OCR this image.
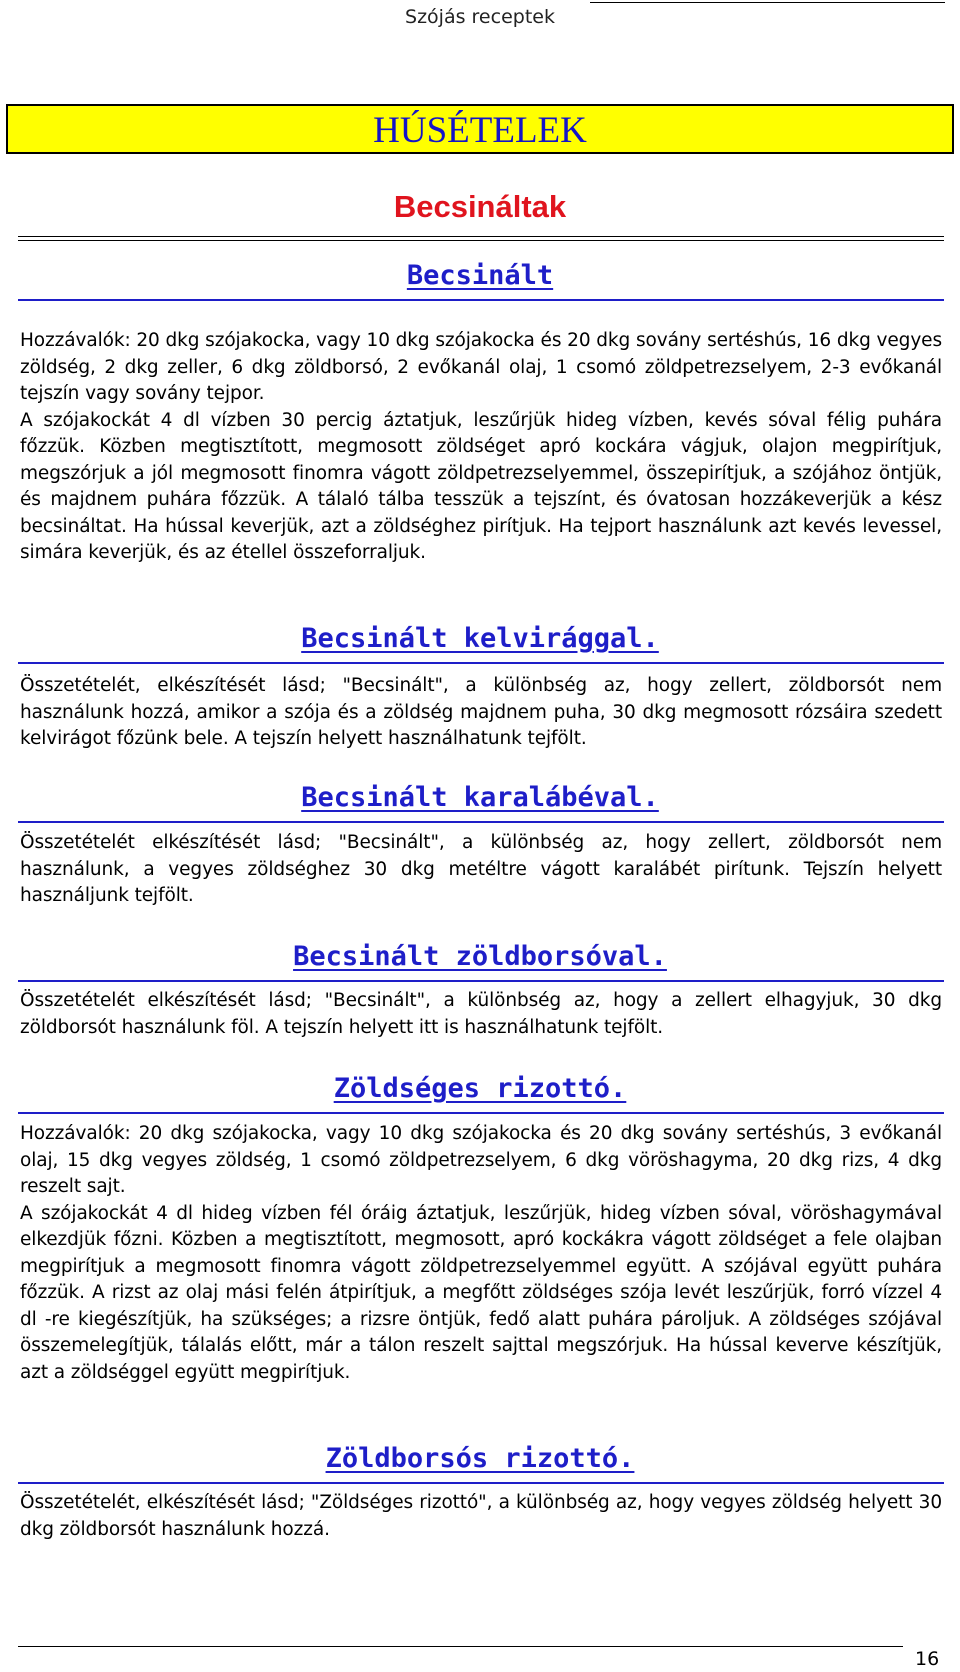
Szójás receptek
HÚSÉTELEK
Becsináltak
Becsinált

Hozzávalók: 20 dkg szójakocka, vagy 10 dkg szójakocka és 20 dkg sovány sertéshús, 16 dkg vegyes zöldség, 2 dkg zeller, 6 dkg zöldborsó, 2 evőkanál olaj, 1 csomó zöldpetrezselyem, 2-3 evőkanál tejszín vagy sovány tejpor.

A szójakockát 4 dl vízben 30 percig áztatjuk, leszűrjük hideg vízben, kevés sóval félig puhára főzzük. Közben megtisztított, megmosott zöldséget apró kockára vágjuk, olajon megpirítjuk, megszórjuk a jól megmosott finomra vágott zöldpetrezselyemmel, összepirítjuk, a szójához öntjük, és majdnem puhára főzzük. A tálaló tálba tesszük a tejszínt, és óvatosan hozzákeverjük a kész becsináltat. Ha hússal keverjük, azt a zöldséghez pirítjuk. Ha tejport használunk azt kevés levessel, simára keverjük, és az étellel összeforraljuk.

Becsinált kelvirággal.

Összetételét, elkészítését lásd; "Becsinált", a különbség az, hogy zellert, zöldborsót nem használunk hozzá, amikor a szója és a zöldség majdnem puha, 30 dkg megmosott rózsáira szedett kelvirágot főzünk bele. A tejszín helyett használhatunk tejfölt.

Becsinált karalábéval.

Összetételét elkészítését lásd; "Becsinált", a különbség az, hogy zellert, zöldborsót nem használunk, a vegyes zöldséghez 30 dkg metéltre vágott karalábét pirítunk. Tejszín helyett használjunk tejfölt.

Becsinált zöldborsóval.

Összetételét elkészítését lásd; "Becsinált", a különbség az, hogy a zellert elhagyjuk, 30 dkg zöldborsót használunk föl. A tejszín helyett itt is használhatunk tejfölt.

Zöldséges rizottó.

Hozzávalók: 20 dkg szójakocka, vagy 10 dkg szójakocka és 20 dkg sovány sertéshús, 3 evőkanál olaj, 15 dkg vegyes zöldség, 1 csomó zöldpetrezselyem, 6 dkg vöröshagyma, 20 dkg rizs, 4 dkg reszelt sajt.

A szójakockát 4 dl hideg vízben fél óráig áztatjuk, leszűrjük, hideg vízben sóval, vöröshagymával elkezdjük főzni. Közben a megtisztított, megmosott, apró kockákra vágott zöldséget a fele olajban megpirítjuk a megmosott finomra vágott zöldpetrezselyemmel együtt. A szójával együtt puhára főzzük. A rizst az olaj mási felén átpirítjuk, a megfőtt zöldséges szója levét leszűrjük, forró vízzel 4 dl -re kiegészítjük, ha szükséges; a rizsre öntjük, fedő alatt puhára pároljuk. A zöldséges szójával összemelegítjük, tálalás előtt, már a tálon reszelt sajttal megszórjuk. Ha hússal keverve készítjük, azt a zöldséggel együtt megpirítjuk.

Zöldborsós rizottó.

Összetételét, elkészítését lásd; "Zöldséges rizottó", a különbség az, hogy vegyes zöldség helyett 30 dkg zöldborsót használunk hozzá.

16
